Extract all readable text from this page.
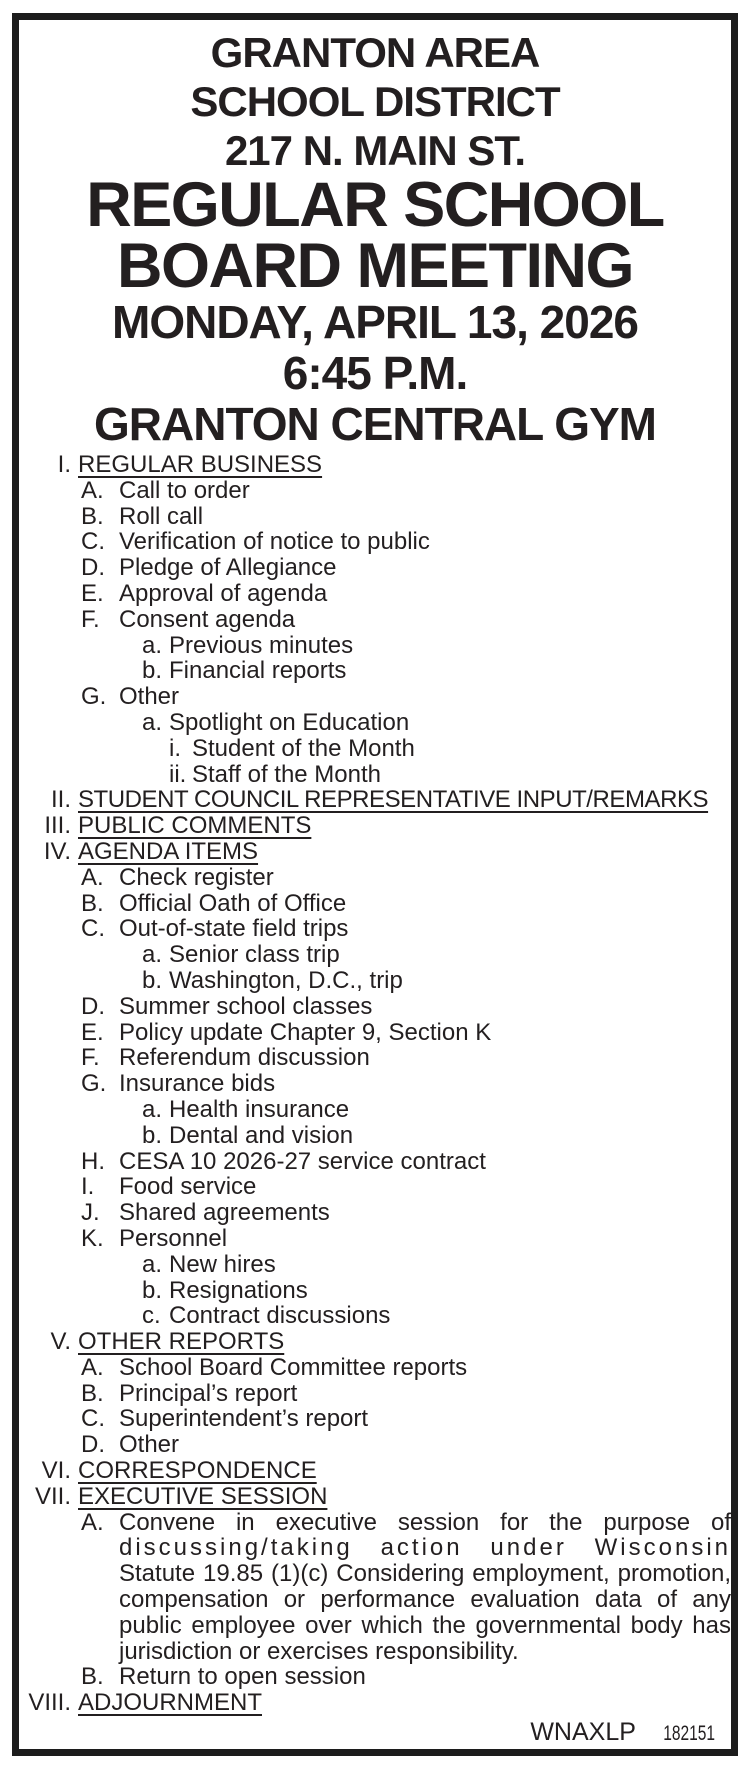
GRANTON AREA
SCHOOL DISTRICT
217 N. MAIN ST.
REGULAR SCHOOL
BOARD MEETING
MONDAY, APRIL 13, 2026
6:45 P.M.
GRANTON CENTRAL GYM
I. REGULAR BUSINESS
A. Call to order
B. Roll call
C. Verification of notice to public
D. Pledge of Allegiance
E. Approval of agenda
F. Consent agenda
a. Previous minutes
b. Financial reports
G. Other
a. Spotlight on Education
i. Student of the Month
ii. Staff of the Month
II. STUDENT COUNCIL REPRESENTATIVE INPUT/REMARKS
III. PUBLIC COMMENTS
IV. AGENDA ITEMS
A. Check register
B. Official Oath of Office
C. Out-of-state field trips
a. Senior class trip
b. Washington, D.C., trip
D. Summer school classes
E. Policy update Chapter 9, Section K
F. Referendum discussion
G. Insurance bids
a. Health insurance
b. Dental and vision
H. CESA 10 2026-27 service contract
I.	Food service
J. Shared agreements
K. Personnel
a. New hires
b. Resignations
c. Contract discussions
V. OTHER REPORTS
A. School Board Committee reports
B. Principal’s report
C. Superintendent’s report
D. Other
VI. CORRESPONDENCE
VII. EXECUTIVE SESSION
A. Convene in executive session for the purpose of
discussing/taking action under Wisconsin
Statute 19.85 (1)(c) Considering employment, promotion,
compensation or performance evaluation data of any
public employee over which the governmental body has
jurisdiction or exercises responsibility.
B. Return to open session
VIII. ADJOURNMENT
WNAXLP 182151
